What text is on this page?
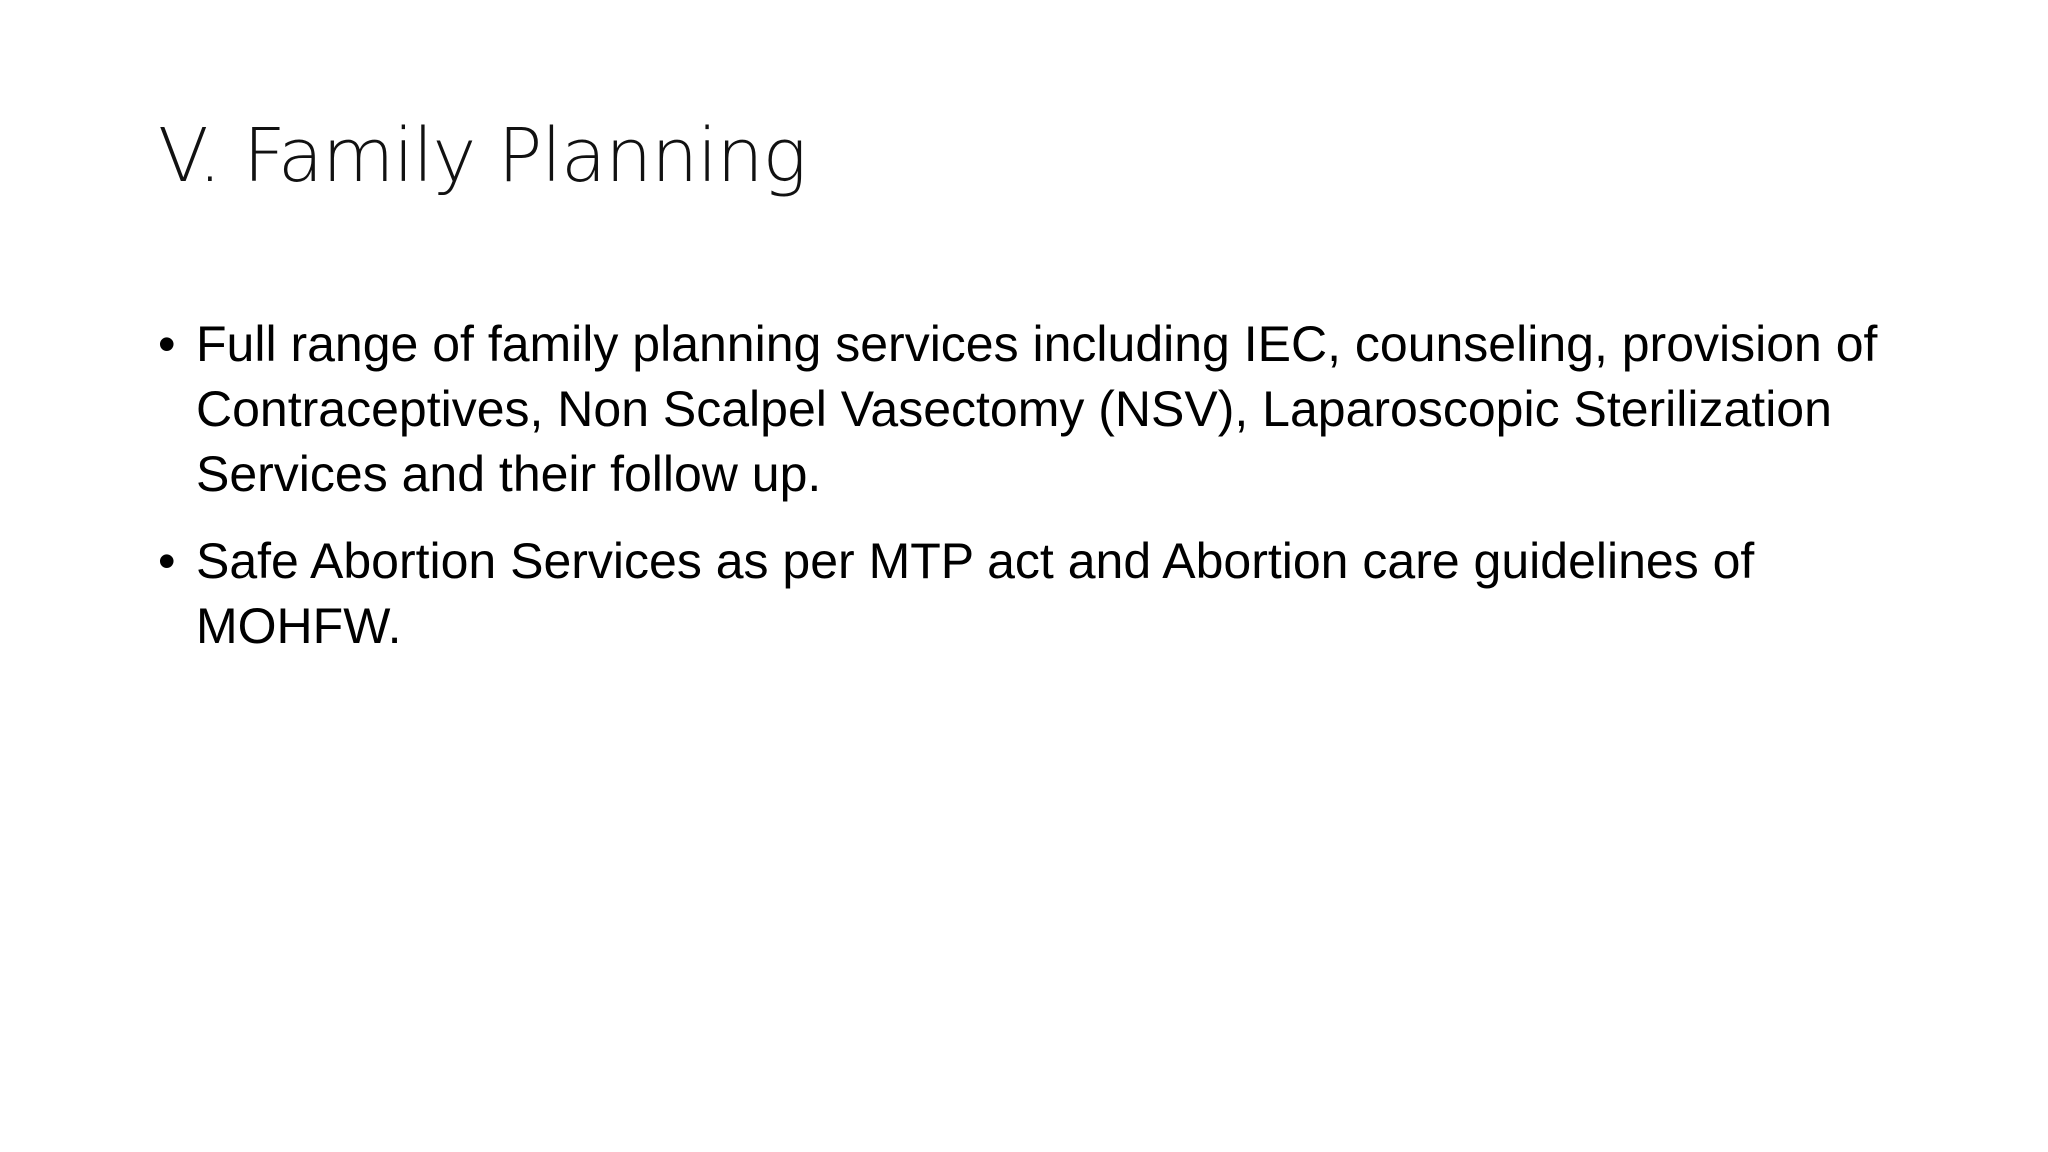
V. Family Planning
• Full range of family planning services including IEC, counseling, provision of Contraceptives, Non Scalpel Vasectomy (NSV), Laparoscopic Sterilization Services and their follow up.
• Safe Abortion Services as per MTP act and Abortion care guidelines of MOHFW.
